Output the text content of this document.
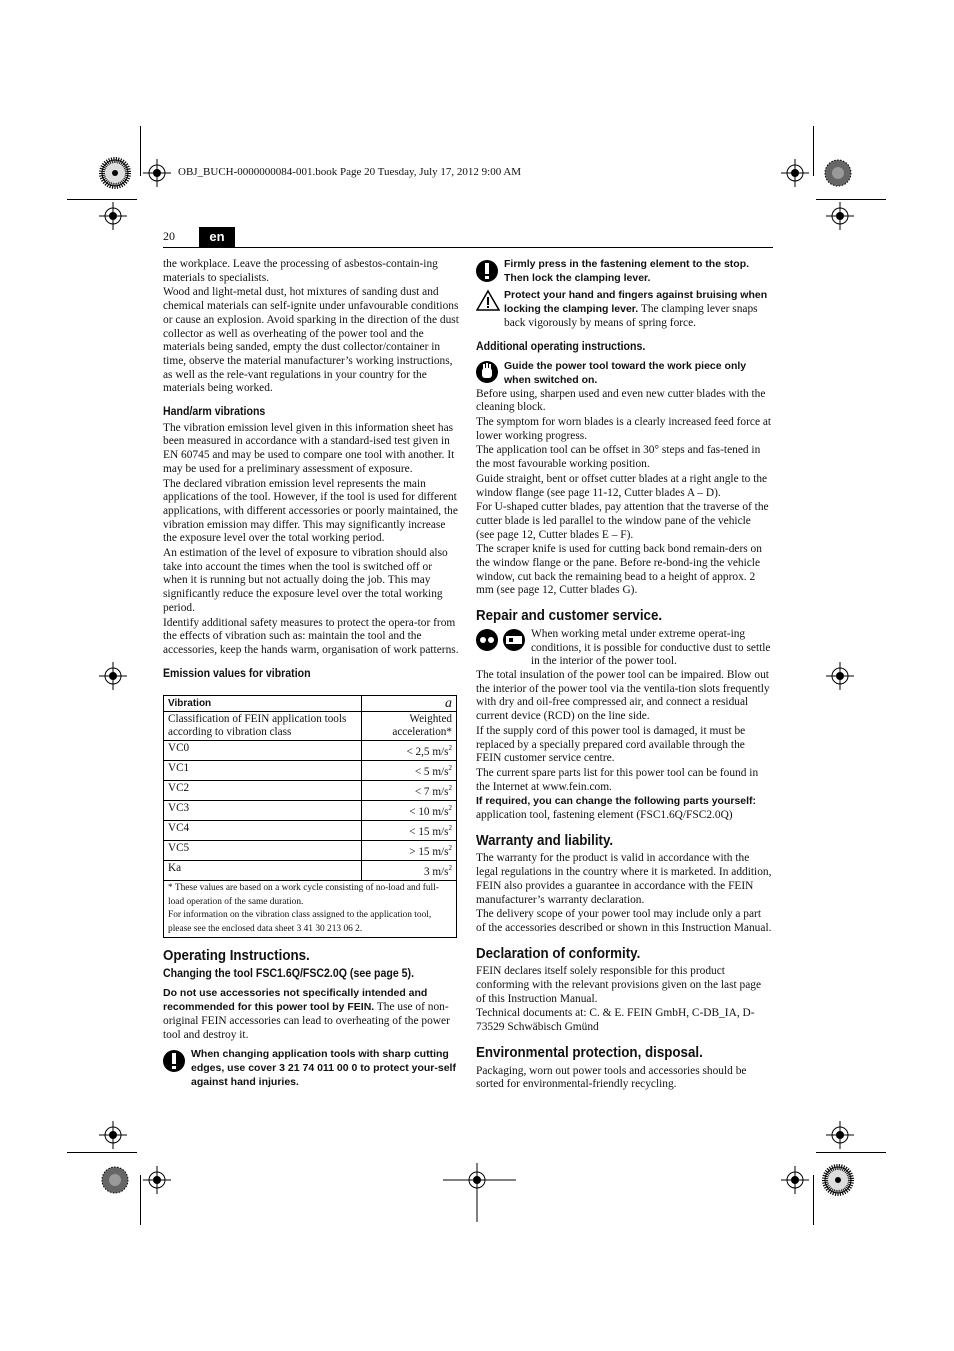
OBJ_BUCH-0000000084-001.book Page 20 Tuesday, July 17, 2012 9:00 AM
20	en

the workplace. Leave the processing of asbestos-contain-ing materials to specialists.

Wood and light-metal dust, hot mixtures of sanding dust and chemical materials can self-ignite under unfavourable conditions or cause an explosion. Avoid sparking in the direction of the dust collector as well as overheating of the power tool and the materials being sanded, empty the dust collector/container in time, observe the material manufacturer’s working instructions, as well as the rele-vant regulations in your country for the materials being worked.

Hand/arm vibrations

The vibration emission level given in this information sheet has been measured in accordance with a standard-ised test given in EN 60745 and may be used to compare one tool with another. It may be used for a preliminary assessment of exposure.

The declared vibration emission level represents the main applications of the tool. However, if the tool is used for different applications, with different accessories or poorly maintained, the vibration emission may differ. This may significantly increase the exposure level over the total working period.

An estimation of the level of exposure to vibration should also take into account the times when the tool is switched off or when it is running but not actually doing the job. This may significantly reduce the exposure level over the total working period.

Identify additional safety measures to protect the opera-tor from the effects of vibration such as: maintain the tool and the accessories, keep the hands warm, organisation of work patterns.

Emission values for vibration
Vibration	a
Classification of FEIN application tools according to vibration class	Weighted acceleration*
VC0	< 2,5 $m/s^2$
VC1	< 5 $m/s^2$
VC2	< 7 $m/s^2$
VC3	< 10 $m/s^2$
VC4	< 15 $m/s^2$
VC5	> 15 $m/s^2$
Ka	3 $m/s^2$

* These values are based on a work cycle consisting of no-load and full-load operation of the same duration.
For information on the vibration class assigned to the application tool, please see the enclosed data sheet 3 41 30 213 06 2.	
Operating Instructions.
Changing the tool FSC1.6Q/FSC2.0Q (see page 5).

Do not use accessories not specifically intended and recommended for this power tool by FEIN. The use of non-original FEIN accessories can lead to overheating of the power tool and destroy it.

When changing application tools with sharp cutting edges, use cover 3 21 74 011 00 0 to protect your-self against hand injuries.
Firmly press in the fastening element to the stop. Then lock the clamping lever.
Protect your hand and fingers against bruising when locking the clamping lever. The clamping lever snaps back vigorously by means of spring force.
Additional operating instructions.
Guide the power tool toward the work piece only when switched on.

Before using, sharpen used and even new cutter blades with the cleaning block.

The symptom for worn blades is a clearly increased feed force at lower working progress.

The application tool can be offset in 30° steps and fas-tened in the most favourable working position.

Guide straight, bent or offset cutter blades at a right angle to the window flange (see page 11-12, Cutter blades A – D).

For U-shaped cutter blades, pay attention that the traverse of the cutter blade is led parallel to the window pane of the vehicle (see page 12, Cutter blades E – F).

The scraper knife is used for cutting back bond remain-ders on the window flange or the pane. Before re-bond-ing the vehicle window, cut back the remaining bead to a height of approx. 2 mm (see page 12, Cutter blades G).

Repair and customer service.
When working metal under extreme operat-ing conditions, it is possible for conductive dust to settle in the interior of the power tool.

The total insulation of the power tool can be impaired. Blow out the interior of the power tool via the ventila-tion slots frequently with dry and oil-free compressed air, and connect a residual current device (RCD) on the line side.

If the supply cord of this power tool is damaged, it must be replaced by a specially prepared cord available through the FEIN customer service centre.

The current spare parts list for this power tool can be found in the Internet at www.fein.com.

If required, you can change the following parts yourself:
application tool, fastening element (FSC1.6Q/FSC2.0Q)

Warranty and liability.

The warranty for the product is valid in accordance with the legal regulations in the country where it is marketed. In addition, FEIN also provides a guarantee in accordance with the FEIN manufacturer’s warranty declaration.

The delivery scope of your power tool may include only a part of the accessories described or shown in this Instruction Manual.

Declaration of conformity.

FEIN declares itself solely responsible for this product conforming with the relevant provisions given on the last page of this Instruction Manual.

Technical documents at: C. & E. FEIN GmbH, C-DB_IA, D-73529 Schwäbisch Gmünd

Environmental protection, disposal.

Packaging, worn out power tools and accessories should be sorted for environmental-friendly recycling.
